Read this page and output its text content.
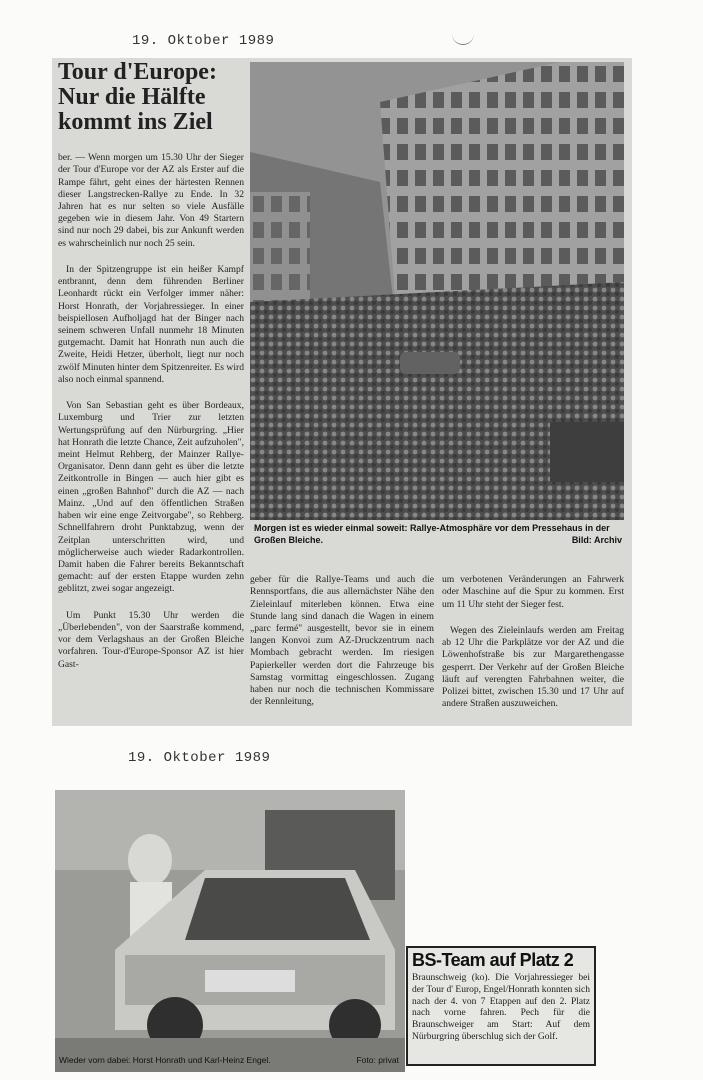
19. Oktober 1989
Tour d'Europe: Nur die Hälfte kommt ins Ziel

ber. — Wenn morgen um 15.30 Uhr der Sieger der Tour d'Europe vor der AZ als Erster auf die Rampe fährt, geht eines der härtesten Rennen dieser Langstrecken-Rallye zu Ende. In 32 Jahren hat es nur selten so viele Ausfälle gegeben wie in diesem Jahr. Von 49 Startern sind nur noch 29 dabei, bis zur Ankunft werden es wahrscheinlich nur noch 25 sein.

In der Spitzengruppe ist ein heißer Kampf entbrannt, denn dem führenden Berliner Leonhardt rückt ein Verfolger immer näher: Horst Honrath, der Vorjahressieger. In einer beispiellosen Aufholjagd hat der Binger nach seinem schweren Unfall nunmehr 18 Minuten gutgemacht. Damit hat Honrath nun auch die Zweite, Heidi Hetzer, überholt, liegt nur noch zwölf Minuten hinter dem Spitzenreiter. Es wird also noch einmal spannend.

Von San Sebastian geht es über Bordeaux, Luxemburg und Trier zur letzten Wertungsprüfung auf den Nürburgring. „Hier hat Honrath die letzte Chance, Zeit aufzuholen", meint Helmut Rehberg, der Mainzer Rallye-Organisator. Denn dann geht es über die letzte Zeitkontrolle in Bingen — auch hier gibt es einen „großen Bahnhof" durch die AZ — nach Mainz. „Und auf den öffentlichen Straßen haben wir eine enge Zeitvorgabe", so Rehberg. Schnellfahrern droht Punktabzug, wenn der Zeitplan unterschritten wird, und möglicherweise auch wieder Radarkontrollen. Damit haben die Fahrer bereits Bekanntschaft gemacht: auf der ersten Etappe wurden zehn geblitzt, zwei sogar angezeigt.

Um Punkt 15.30 Uhr werden die „Überlebenden", von der Saarstraße kommend, vor dem Verlagshaus an der Großen Bleiche vorfahren. Tour-d'Europe-Sponsor AZ ist hier Gast-

Morgen ist es wieder einmal soweit: Rallye-Atmosphäre vor dem Pressehaus in der Großen Bleiche.	Bild: Archiv

geber für die Rallye-Teams und auch die Rennsportfans, die aus allernächster Nähe den Zieleinlauf miterleben können. Etwa eine Stunde lang sind danach die Wagen in einem „parc fermé" ausgestellt, bevor sie in einem langen Konvoi zum AZ-Druckzentrum nach Mombach gebracht werden. Im riesigen Papierkeller werden dort die Fahrzeuge bis Samstag vormittag eingeschlossen. Zugang haben nur noch die technischen Kommissare der Rennleitung,

um verbotenen Veränderungen an Fahrwerk oder Maschine auf die Spur zu kommen. Erst um 11 Uhr steht der Sieger fest.

Wegen des Zieleinlaufs werden am Freitag ab 12 Uhr die Parkplätze vor der AZ und die Löwenhofstraße bis zur Margarethengasse gesperrt. Der Verkehr auf der Großen Bleiche läuft auf verengten Fahrbahnen weiter, die Polizei bittet, zwischen 15.30 und 17 Uhr auf andere Straßen auszuweichen.

19. Oktober 1989
Wieder vorn dabei: Horst Honrath und Karl-Heinz Engel.	Foto: privat
BS-Team auf Platz 2
Braunschweig (ko). Die Vorjahressieger bei der Tour d' Europ, Engel/Honrath konnten sich nach der 4. von 7 Etappen auf den 2. Platz nach vorne fahren. Pech für die Braunschweiger am Start: Auf dem Nürburgring überschlug sich der Golf.
